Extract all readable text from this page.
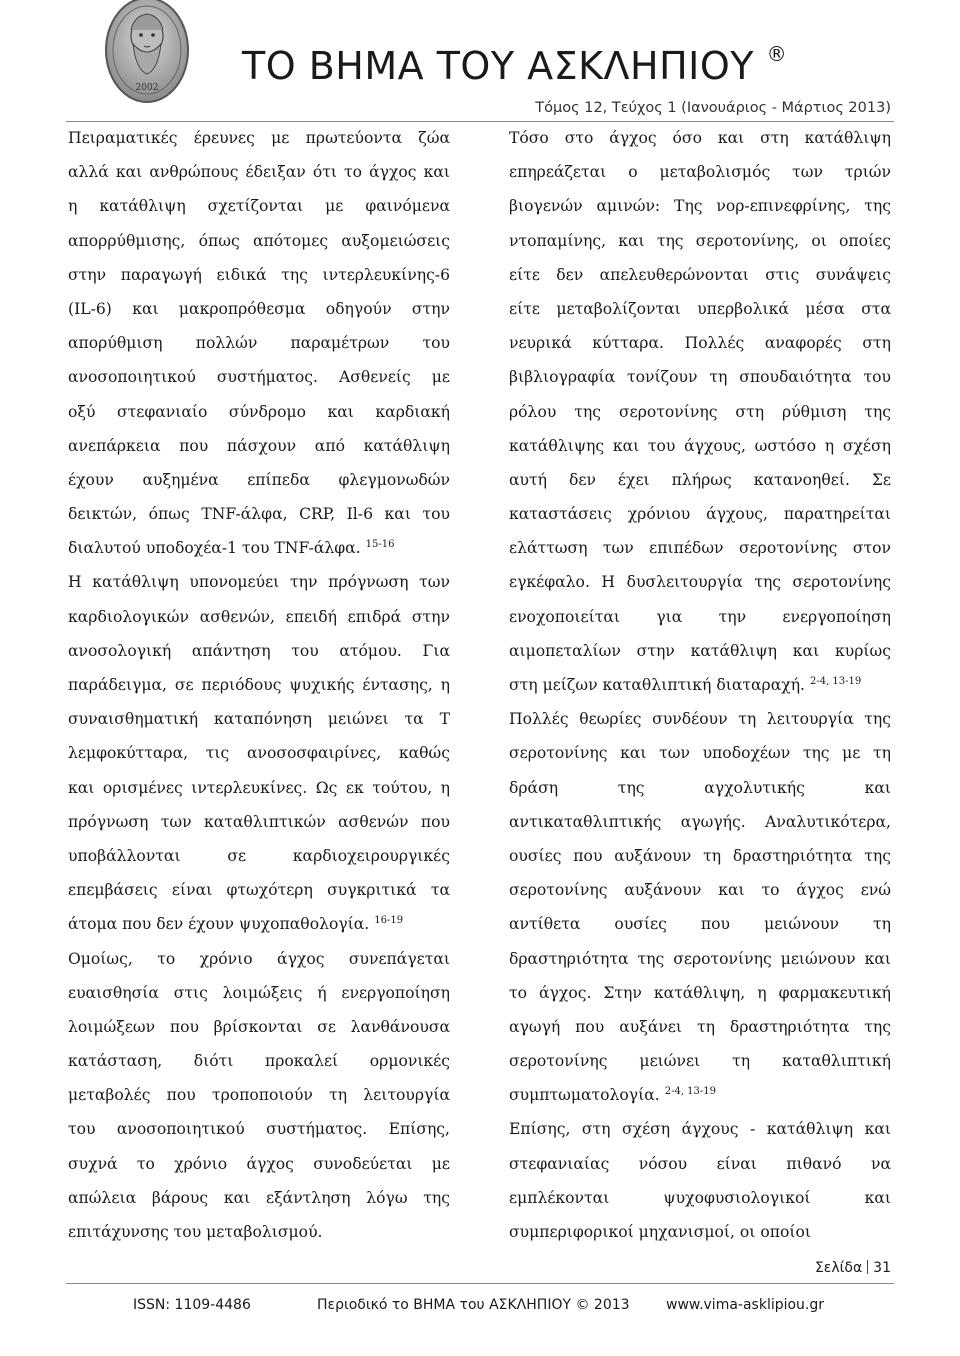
2002 ΤΟ ΒΗΜΑ ΤΟΥ ΑΣΚΛΗΠΙΟΥ ®
Τόμος 12, Τεύχος 1 (Ιανουάριος - Μάρτιος 2013)
Πειραματικές έρευνες με πρωτεύοντα ζώα
αλλά και ανθρώπους έδειξαν ότι το άγχος και
η κατάθλιψη σχετίζονται με φαινόμενα
απορρύθμισης, όπως απότομες αυξομειώσεις
στην παραγωγή ειδικά της ιντερλευκίνης-6
(IL-6) και μακροπρόθεσμα οδηγούν στην
απορύθμιση πολλών παραμέτρων του
ανοσοποιητικού συστήματος. Ασθενείς με
οξύ στεφανιαίο σύνδρομο και καρδιακή
ανεπάρκεια που πάσχουν από κατάθλιψη
έχουν αυξημένα επίπεδα φλεγμονωδών
δεικτών, όπως TNF-άλφα, CRP, Il-6 και του
διαλυτού υποδοχέα-1 του TNF-άλφα. $^{15-16}$
Η κατάθλιψη υπονομεύει την πρόγνωση των
καρδιολογικών ασθενών, επειδή επιδρά στην
ανοσολογική απάντηση του ατόμου. Για
παράδειγμα, σε περιόδους ψυχικής έντασης, η
συναισθηματική καταπόνηση μειώνει τα Τ
λεμφοκύτταρα, τις ανοσοσφαιρίνες, καθώς
και ορισμένες ιντερλευκίνες. Ως εκ τούτου, η
πρόγνωση των καταθλιπτικών ασθενών που
υποβάλλονται σε καρδιοχειρουργικές
επεμβάσεις είναι φτωχότερη συγκριτικά τα
άτομα που δεν έχουν ψυχοπαθολογία. $^{16-19}$
Ομοίως, το χρόνιο άγχος συνεπάγεται
ευαισθησία στις λοιμώξεις ή ενεργοποίηση
λοιμώξεων που βρίσκονται σε λανθάνουσα
κατάσταση, διότι προκαλεί ορμονικές
μεταβολές που τροποποιούν τη λειτουργία
του ανοσοποιητικού συστήματος. Επίσης,
συχνά το χρόνιο άγχος συνοδεύεται με
απώλεια βάρους και εξάντληση λόγω της
επιτάχυνσης του μεταβολισμού.
Τόσο στο άγχος όσο και στη κατάθλιψη
επηρεάζεται ο μεταβολισμός των τριών
βιογενών αμινών: Της νορ-επινεφρίνης, της
ντοπαμίνης, και της σεροτονίνης, οι οποίες
είτε δεν απελευθερώνονται στις συνάψεις
είτε μεταβολίζονται υπερβολικά μέσα στα
νευρικά κύτταρα. Πολλές αναφορές στη
βιβλιογραφία τονίζουν τη σπουδαιότητα του
ρόλου της σεροτονίνης στη ρύθμιση της
κατάθλιψης και του άγχους, ωστόσο η σχέση
αυτή δεν έχει πλήρως κατανοηθεί. Σε
καταστάσεις χρόνιου άγχους, παρατηρείται
ελάττωση των επιπέδων σεροτονίνης στον
εγκέφαλο. Η δυσλειτουργία της σεροτονίνης
ενοχοποιείται για την ενεργοποίηση
αιμοπεταλίων στην κατάθλιψη και κυρίως
στη μείζων καταθλιπτική διαταραχή. $^{2-4, 13-19}$
Πολλές θεωρίες συνδέουν τη λειτουργία της
σεροτονίνης και των υποδοχέων της με τη
δράση της αγχολυτικής και
αντικαταθλιπτικής αγωγής. Αναλυτικότερα,
ουσίες που αυξάνουν τη δραστηριότητα της
σεροτονίνης αυξάνουν και το άγχος ενώ
αντίθετα ουσίες που μειώνουν τη
δραστηριότητα της σεροτονίνης μειώνουν και
το άγχος. Στην κατάθλιψη, η φαρμακευτική
αγωγή που αυξάνει τη δραστηριότητα της
σεροτονίνης μειώνει τη καταθλιπτική
συμπτωματολογία. $^{2-4, 13-19}$
Επίσης, στη σχέση άγχους - κατάθλιψη και
στεφανιαίας νόσου είναι πιθανό να
εμπλέκονται ψυχοφυσιολογικοί και
συμπεριφορικοί μηχανισμοί, οι οποίοι
Σελίδα 31
ISSN: 1109-4486	Περιοδικό το ΒΗΜΑ του ΑΣΚΛΗΠΙΟΥ © 2013	www.vima-asklipiou.gr
